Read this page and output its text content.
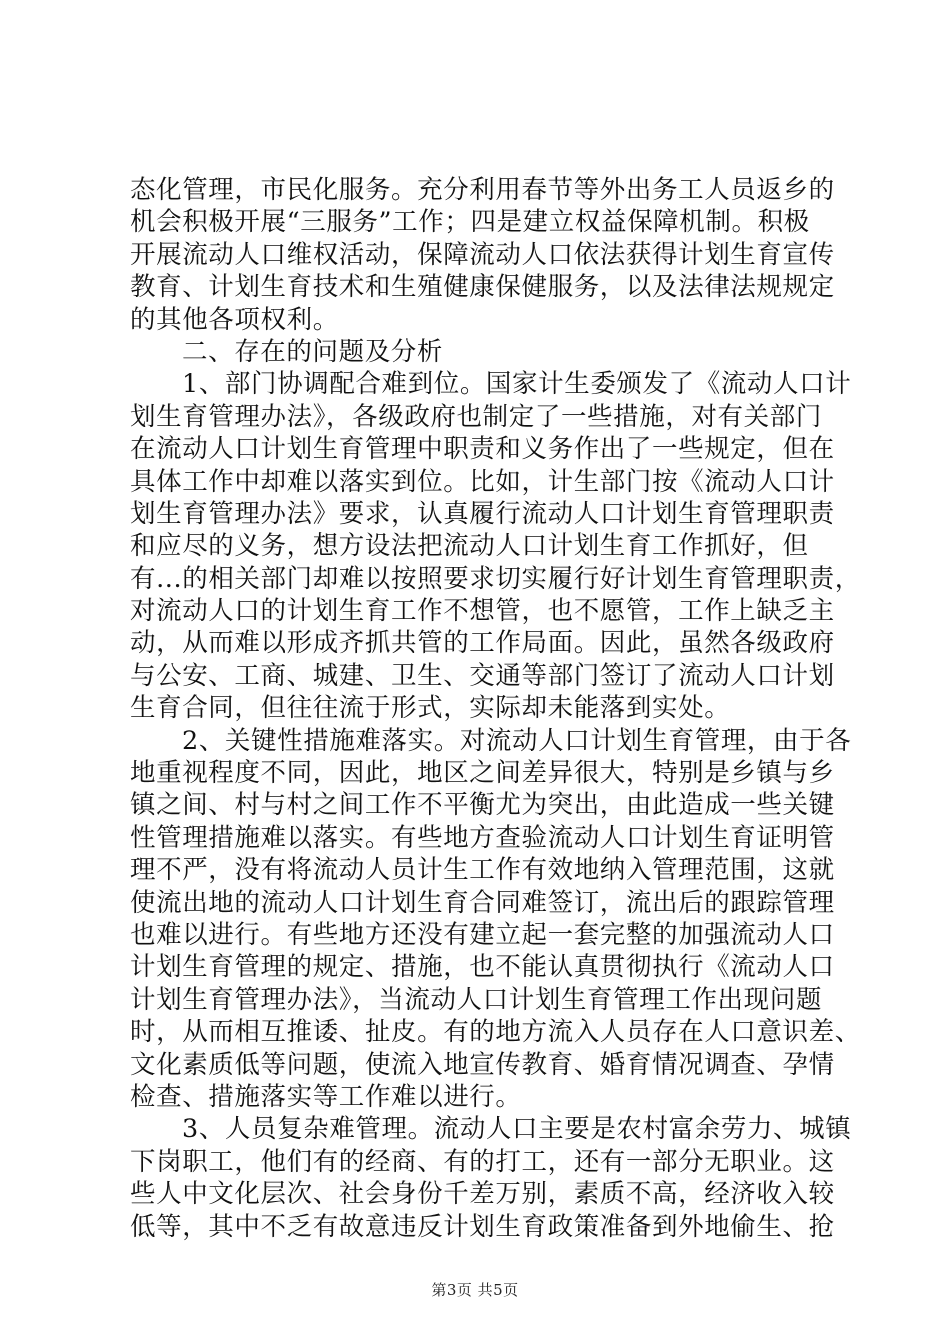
态化管理，市民化服务。充分利用春节等外出务工人员返乡的
机会积极开展“三服务”工作；四是建立权益保障机制。积极
开展流动人口维权活动，保障流动人口依法获得计划生育宣传
教育、计划生育技术和生殖健康保健服务，以及法律法规规定
的其他各项权利。
二、存在的问题及分析
1、部门协调配合难到位。国家计生委颁发了《流动人口计
划生育管理办法》，各级政府也制定了一些措施，对有关部门
在流动人口计划生育管理中职责和义务作出了一些规定，但在
具体工作中却难以落实到位。比如，计生部门按《流动人口计
划生育管理办法》要求，认真履行流动人口计划生育管理职责
和应尽的义务，想方设法把流动人口计划生育工作抓好，但
有...的相关部门却难以按照要求切实履行好计划生育管理职责，
对流动人口的计划生育工作不想管，也不愿管，工作上缺乏主
动，从而难以形成齐抓共管的工作局面。因此，虽然各级政府
与公安、工商、城建、卫生、交通等部门签订了流动人口计划
生育合同，但往往流于形式，实际却未能落到实处。
2、关键性措施难落实。对流动人口计划生育管理，由于各
地重视程度不同，因此，地区之间差异很大，特别是乡镇与乡
镇之间、村与村之间工作不平衡尤为突出，由此造成一些关键
性管理措施难以落实。有些地方查验流动人口计划生育证明管
理不严，没有将流动人员计生工作有效地纳入管理范围，这就
使流出地的流动人口计划生育合同难签订，流出后的跟踪管理
也难以进行。有些地方还没有建立起一套完整的加强流动人口
计划生育管理的规定、措施，也不能认真贯彻执行《流动人口
计划生育管理办法》，当流动人口计划生育管理工作出现问题
时，从而相互推诿、扯皮。有的地方流入人员存在人口意识差、
文化素质低等问题，使流入地宣传教育、婚育情况调查、孕情
检查、措施落实等工作难以进行。
3、人员复杂难管理。流动人口主要是农村富余劳力、城镇
下岗职工，他们有的经商、有的打工，还有一部分无职业。这
些人中文化层次、社会身份千差万别，素质不高，经济收入较
低等，其中不乏有故意违反计划生育政策准备到外地偷生、抢
第3页 共5页
